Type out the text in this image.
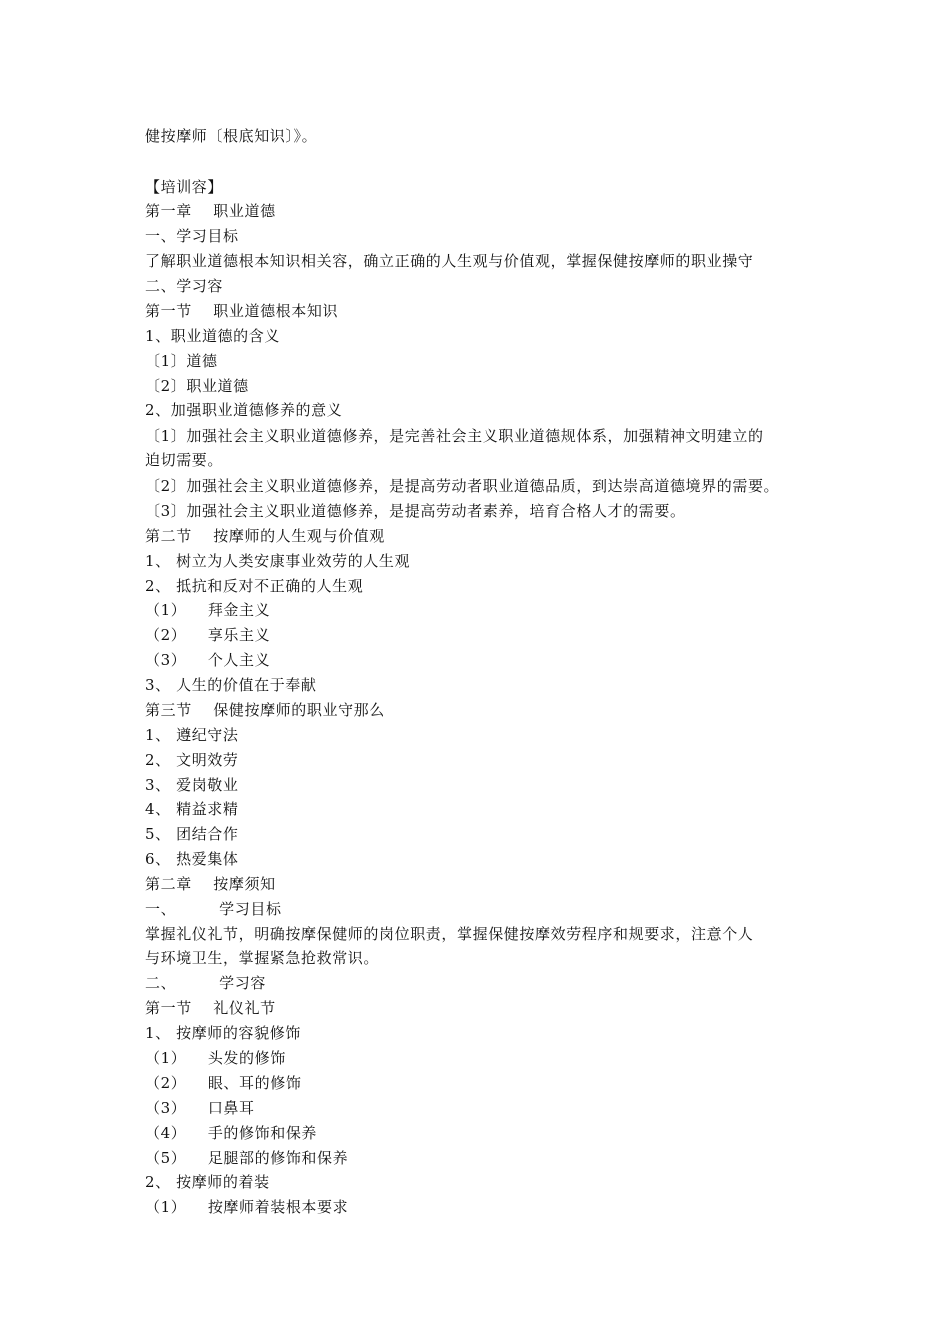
健按摩师〔根底知识〕》。
【培训容】
第一章    职业道德
一、学习目标
了解职业道德根本知识相关容，确立正确的人生观与价值观，掌握保健按摩师的职业操守
二、学习容
第一节    职业道德根本知识
1、职业道德的含义
〔1〕道德
〔2〕职业道德
2、加强职业道德修养的意义
〔1〕加强社会主义职业道德修养，是完善社会主义职业道德规体系，加强精神文明建立的
迫切需要。
〔2〕加强社会主义职业道德修养，是提高劳动者职业道德品质，到达崇高道德境界的需要。
〔3〕加强社会主义职业道德修养，是提高劳动者素养，培育合格人才的需要。
第二节    按摩师的人生观与价值观
1、 树立为人类安康事业效劳的人生观
2、 抵抗和反对不正确的人生观
（1）    拜金主义
（2）    享乐主义
（3）    个人主义
3、 人生的价值在于奉献
第三节    保健按摩师的职业守那么
1、 遵纪守法
2、 文明效劳
3、 爱岗敬业
4、 精益求精
5、 团结合作
6、 热爱集体
第二章    按摩须知
一、        学习目标
掌握礼仪礼节，明确按摩保健师的岗位职责，掌握保健按摩效劳程序和规要求，注意个人
与环境卫生，掌握紧急抢救常识。
二、        学习容
第一节    礼仪礼节
1、 按摩师的容貌修饰
（1）    头发的修饰
（2）    眼、耳的修饰
（3）    口鼻耳
（4）    手的修饰和保养
（5）    足腿部的修饰和保养
2、 按摩师的着装
（1）    按摩师着装根本要求
